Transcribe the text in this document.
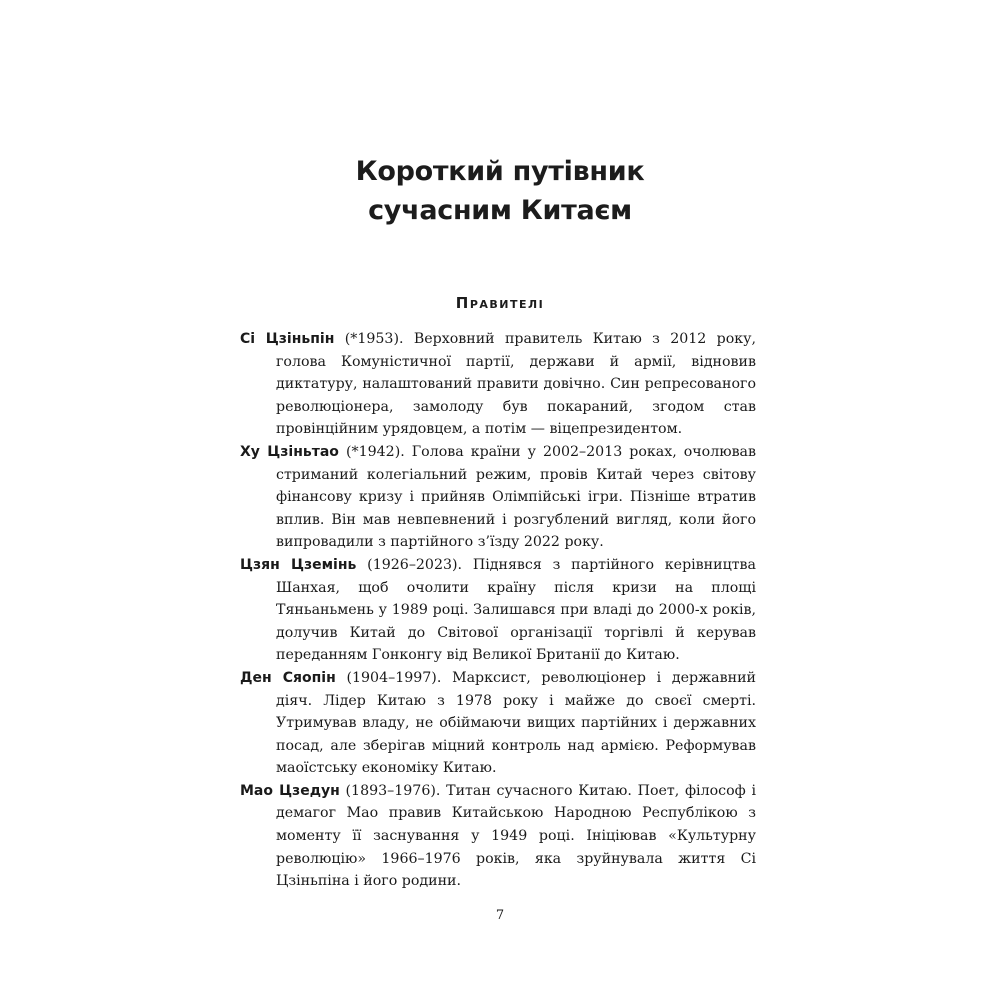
Короткий путівник
сучасним Китаєм
Правителі

Сі Цзіньпін (*1953). Верховний правитель Китаю з 2012 року, голова Комуністичної партії, держави й армії, відновив диктатуру, налаштований правити довічно. Син репресованого революціонера, замолоду був покараний, згодом став провінційним урядовцем, а потім — віцепрезидентом.

Ху Цзіньтао (*1942). Голова країни у 2002–2013 роках, очолював стриманий колегіальний режим, провів Китай через світову фінансову кризу і прийняв Олімпійські ігри. Пізніше втратив вплив. Він мав невпевнений і розгублений вигляд, коли його випровадили з партійного з’їзду 2022 року.

Цзян Цземінь (1926–2023). Піднявся з партійного керівництва Шанхая, щоб очолити країну після кризи на площі Тяньаньмень у 1989 році. Залишався при владі до 2000-х років, долучив Китай до Світової організації торгівлі й керував переданням Гонконгу від Великої Британії до Китаю.

Ден Сяопін (1904–1997). Марксист, революціонер і державний діяч. Лідер Китаю з 1978 року і майже до своєї смерті. Утримував владу, не обіймаючи вищих партійних і державних посад, але зберігав міцний контроль над армією. Реформував маоїстську економіку Китаю.

Мао Цзедун (1893–1976). Титан сучасного Китаю. Поет, філософ і демагог Мао правив Китайською Народною Республікою з моменту її заснування у 1949 році. Ініціював «Культурну революцію» 1966–1976 років, яка зруйнувала життя Сі Цзіньпіна і його родини.

7
